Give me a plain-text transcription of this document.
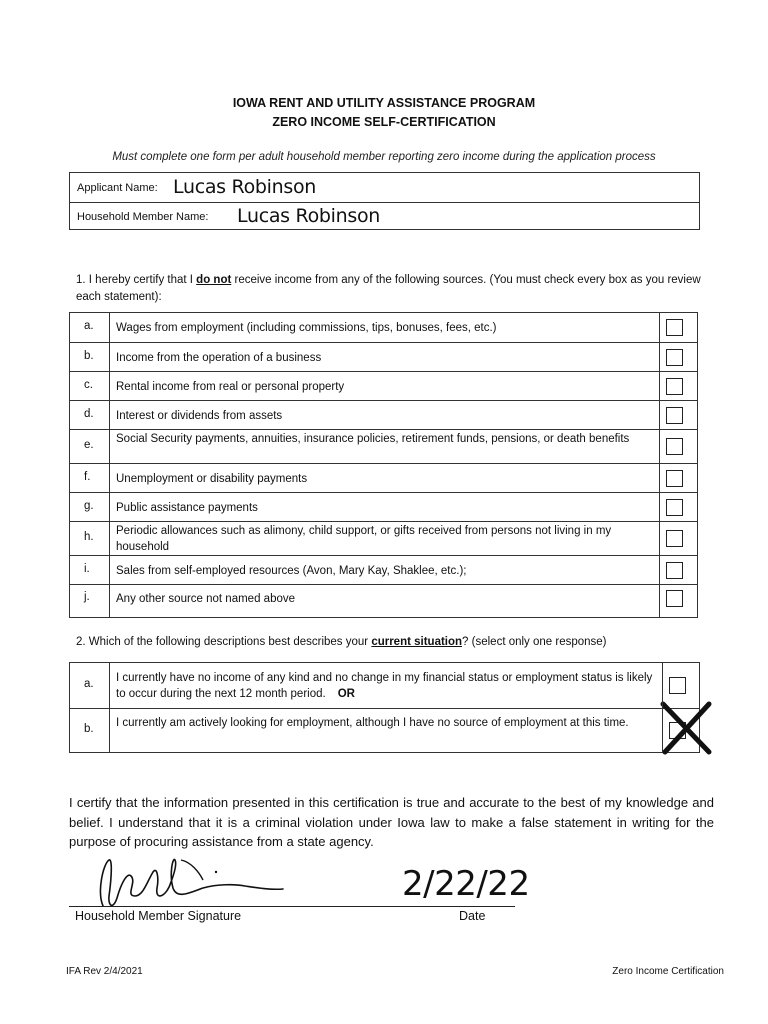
IOWA RENT AND UTILITY ASSISTANCE PROGRAM
ZERO INCOME SELF-CERTIFICATION
Must complete one form per adult household member reporting zero income during the application process
Applicant Name: Lucas Robinson
Household Member Name: Lucas Robinson
1. I hereby certify that I do not receive income from any of the following sources. (You must check every box as you review each statement):
a. Wages from employment (including commissions, tips, bonuses, fees, etc.)
b. Income from the operation of a business
c. Rental income from real or personal property
d. Interest or dividends from assets
e. Social Security payments, annuities, insurance policies, retirement funds, pensions, or death benefits
f. Unemployment or disability payments
g. Public assistance payments
h. Periodic allowances such as alimony, child support, or gifts received from persons not living in my household
i. Sales from self-employed resources (Avon, Mary Kay, Shaklee, etc.);
j. Any other source not named above
2. Which of the following descriptions best describes your current situation? (select only one response)
a. I currently have no income of any kind and no change in my financial status or employment status is likely to occur during the next 12 month period. OR
b. I currently am actively looking for employment, although I have no source of employment at this time.
I certify that the information presented in this certification is true and accurate to the best of my knowledge and belief. I understand that it is a criminal violation under Iowa law to make a false statement in writing for the purpose of procuring assistance from a state agency.
2/22/22
Household Member Signature	Date
IFA Rev 2/4/2021	Zero Income Certification
